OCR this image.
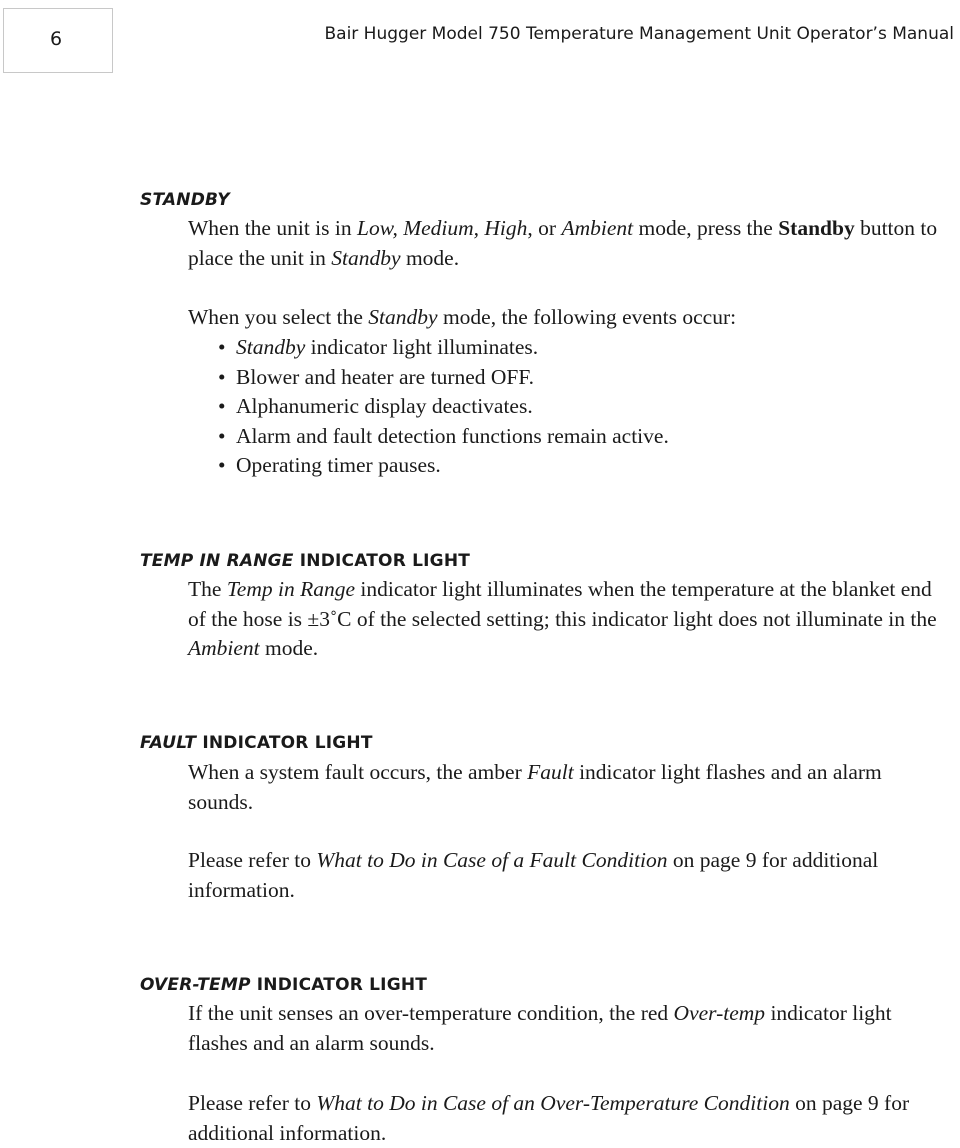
6	Bair Hugger Model 750 Temperature Management Unit Operator’s Manual
STANDBY

When the unit is in Low, Medium, High, or Ambient mode, press the Standby button to place the unit in Standby mode.

When you select the Standby mode, the following events occur:

• Standby indicator light illuminates.
• Blower and heater are turned OFF.
• Alphanumeric display deactivates.
• Alarm and fault detection functions remain active.
• Operating timer pauses.
TEMP IN RANGE INDICATOR LIGHT

The Temp in Range indicator light illuminates when the temperature at the blanket end of the hose is ±3˚C of the selected setting; this indicator light does not illuminate in the Ambient mode.

FAULT INDICATOR LIGHT

When a system fault occurs, the amber Fault indicator light flashes and an alarm sounds.

Please refer to What to Do in Case of a Fault Condition on page 9 for additional information.

OVER-TEMP INDICATOR LIGHT

If the unit senses an over-temperature condition, the red Over-temp indicator light flashes and an alarm sounds.

Please refer to What to Do in Case of an Over-Temperature Condition on page 9 for additional information.
